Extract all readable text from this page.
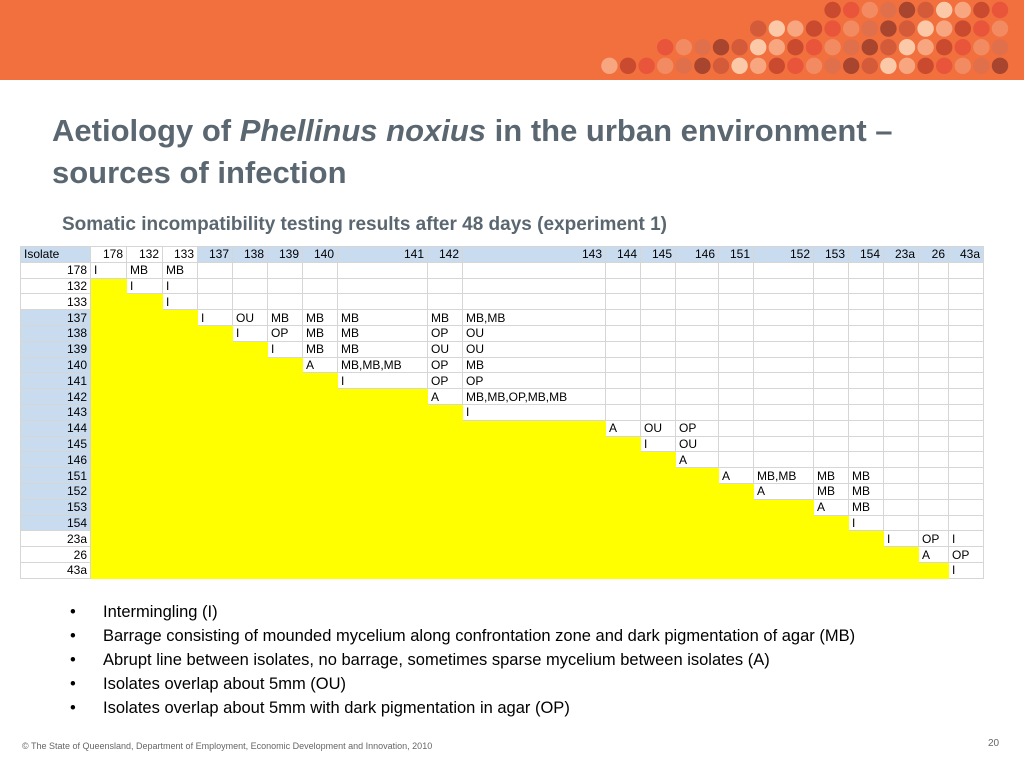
Aetiology of Phellinus noxius in the urban environment – sources of infection
Somatic incompatibility testing results after 48 days (experiment 1)
Isolate	178	132	133	137	138	139	140	141	142	143	144	145	146	151	152	153	154	23a	26	43a
178	I	MB	MB																	
132		I	I																	
133			I																	
137				I	OU	MB	MB	MB	MB	MB,MB										
138					I	OP	MB	MB	OP	OU										
139						I	MB	MB	OU	OU										
140							A	MB,MB,MB	OP	MB										
141								I	OP	OP										
142									A	MB,MB,OP,MB,MB										
143										I										
144											A	OU	OP							
145												I	OU							
146													A							
151														A	MB,MB	MB	MB			
152															A	MB	MB			
153																A	MB			
154																	I			
23a																		I	OP	I
26																			A	OP
43a																				I
• Intermingling (I)
• Barrage consisting of mounded mycelium along confrontation zone and dark pigmentation of agar (MB)
• Abrupt line between isolates, no barrage, sometimes sparse mycelium between isolates (A)
• Isolates overlap about 5mm (OU)
• Isolates overlap about 5mm with dark pigmentation in agar (OP)
© The State of Queensland, Department of Employment, Economic Development and Innovation, 2010	20
